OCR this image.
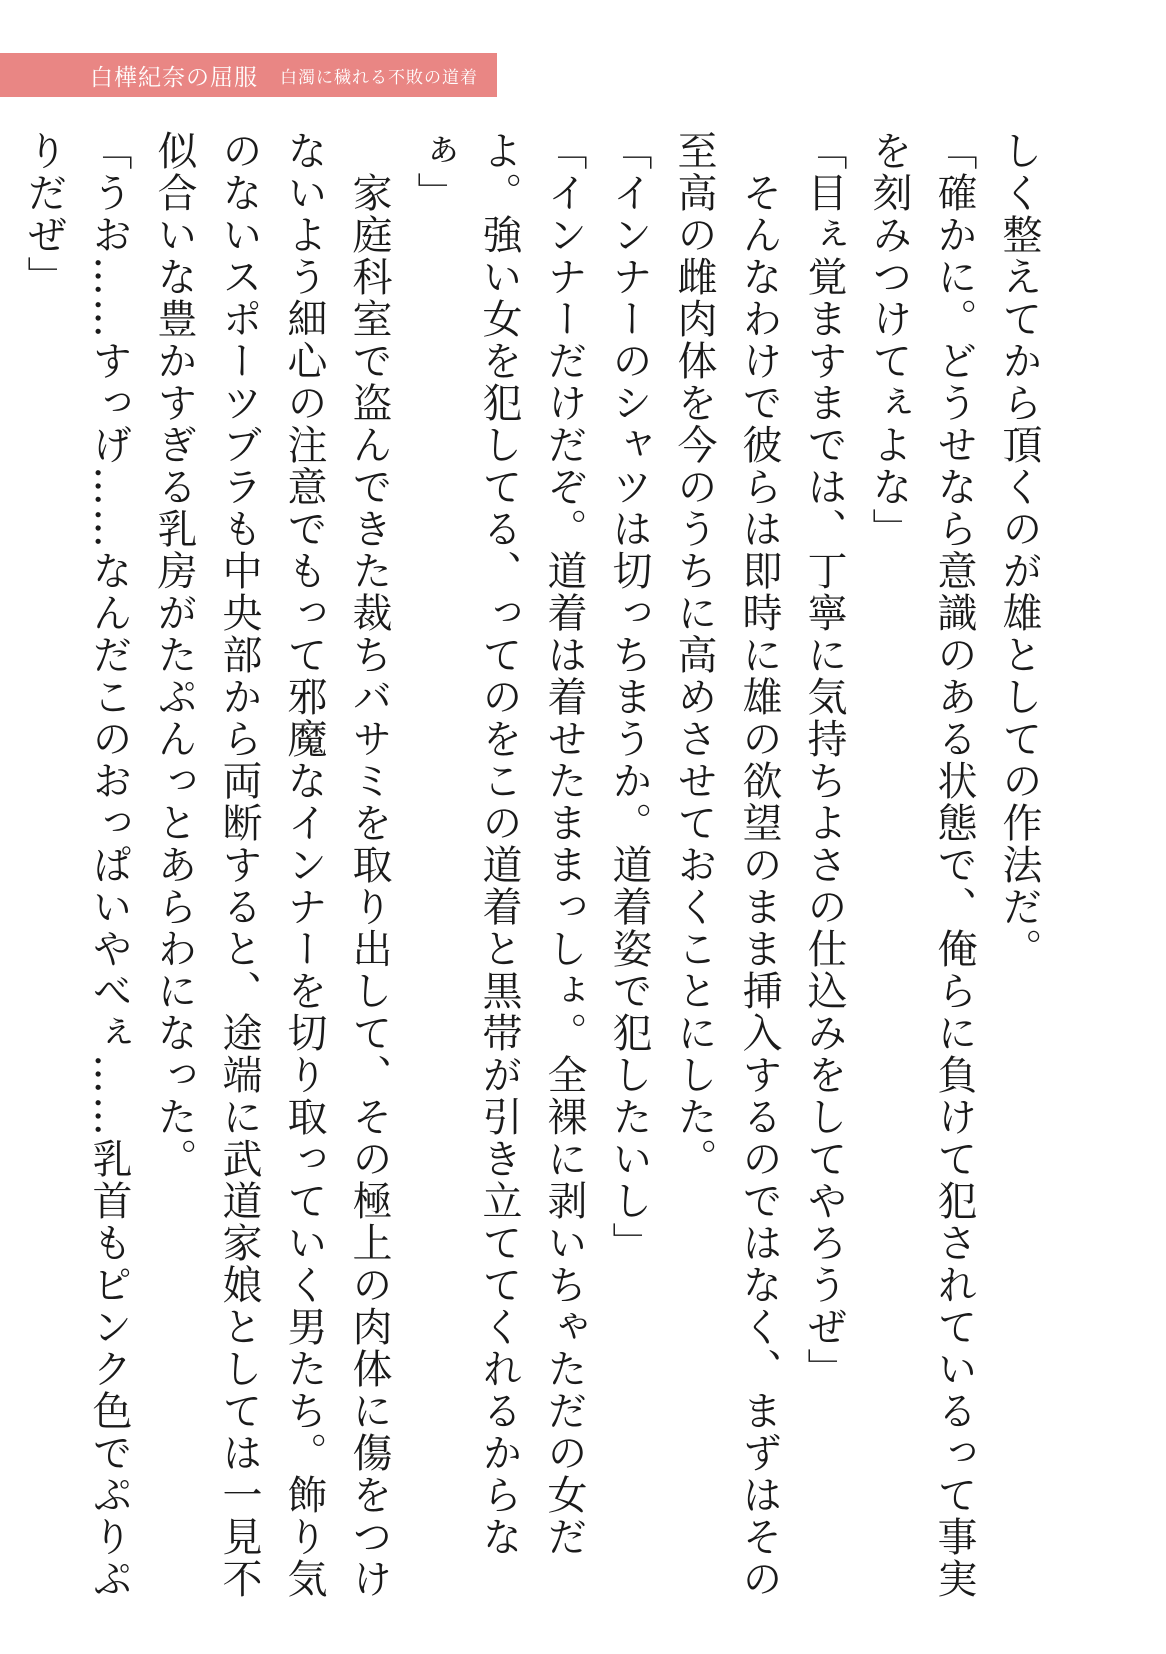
白樺紀奈の屈服 白濁に穢れる不敗の道着

しく整えてから頂くのが雄としての作法だ。

「確かに。どうせなら意識のある状態で、俺らに負けて犯されているって事実を刻みつけてぇよな」

「目ぇ覚ますまでは、丁寧に気持ちよさの仕込みをしてやろうぜ」

　そんなわけで彼らは即時に雄の欲望のまま挿入するのではなく、まずはその至高の雌肉体を今のうちに高めさせておくことにした。

「インナーのシャツは切っちまうか。道着姿で犯したいし」

「インナーだけだぞ。道着は着せたままっしょ。全裸に剥いちゃただの女だよ。強い女を犯してる、ってのをこの道着と黒帯が引き立ててくれるからなぁ」

　家庭科室で盗んできた裁ちバサミを取り出して、その極上の肉体に傷をつけないよう細心の注意でもって邪魔なインナーを切り取っていく男たち。飾り気のないスポーツブラも中央部から両断すると、途端に武道家娘としては一見不似合いな豊かすぎる乳房がたぷんっとあらわになった。

「うお……すっげ……なんだこのおっぱいやべぇ……乳首もピンク色でぷりぷりだぜ」
